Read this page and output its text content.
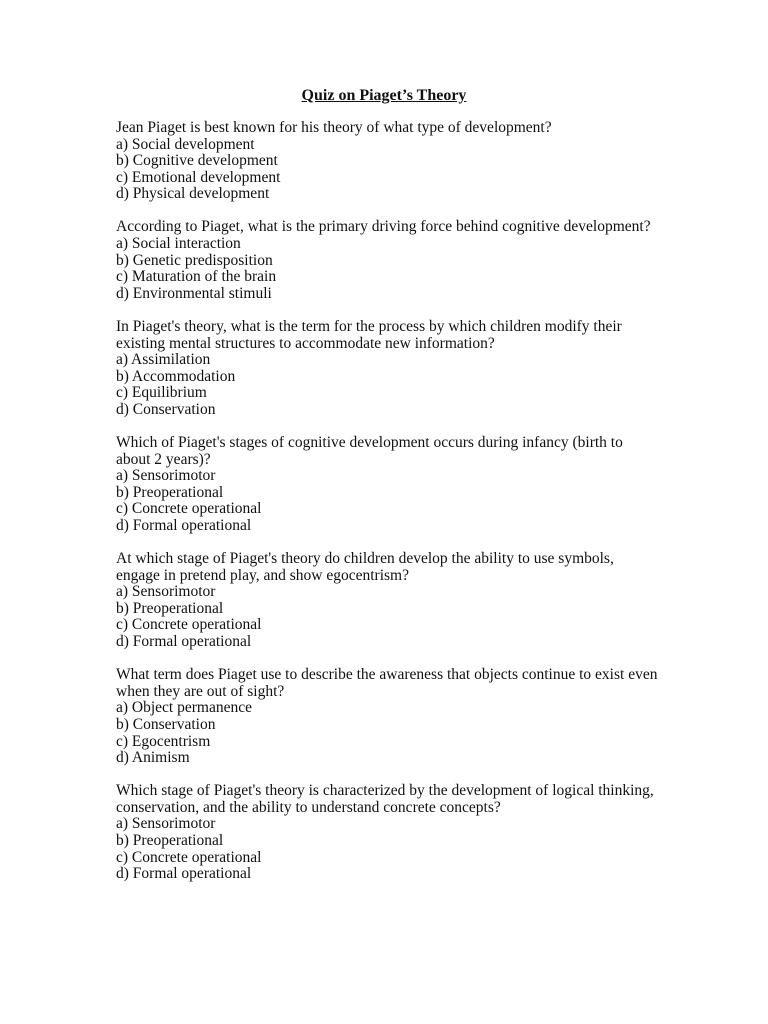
Quiz on Piaget’s Theory

Jean Piaget is best known for his theory of what type of development?

a) Social development

b) Cognitive development

c) Emotional development

d) Physical development

According to Piaget, what is the primary driving force behind cognitive development?

a) Social interaction

b) Genetic predisposition

c) Maturation of the brain

d) Environmental stimuli

In Piaget's theory, what is the term for the process by which children modify their existing mental structures to accommodate new information?

a) Assimilation

b) Accommodation

c) Equilibrium

d) Conservation

Which of Piaget's stages of cognitive development occurs during infancy (birth to about 2 years)?

a) Sensorimotor

b) Preoperational

c) Concrete operational

d) Formal operational

At which stage of Piaget's theory do children develop the ability to use symbols, engage in pretend play, and show egocentrism?

a) Sensorimotor

b) Preoperational

c) Concrete operational

d) Formal operational

What term does Piaget use to describe the awareness that objects continue to exist even when they are out of sight?

a) Object permanence

b) Conservation

c) Egocentrism

d) Animism

Which stage of Piaget's theory is characterized by the development of logical thinking, conservation, and the ability to understand concrete concepts?

a) Sensorimotor

b) Preoperational

c) Concrete operational

d) Formal operational
